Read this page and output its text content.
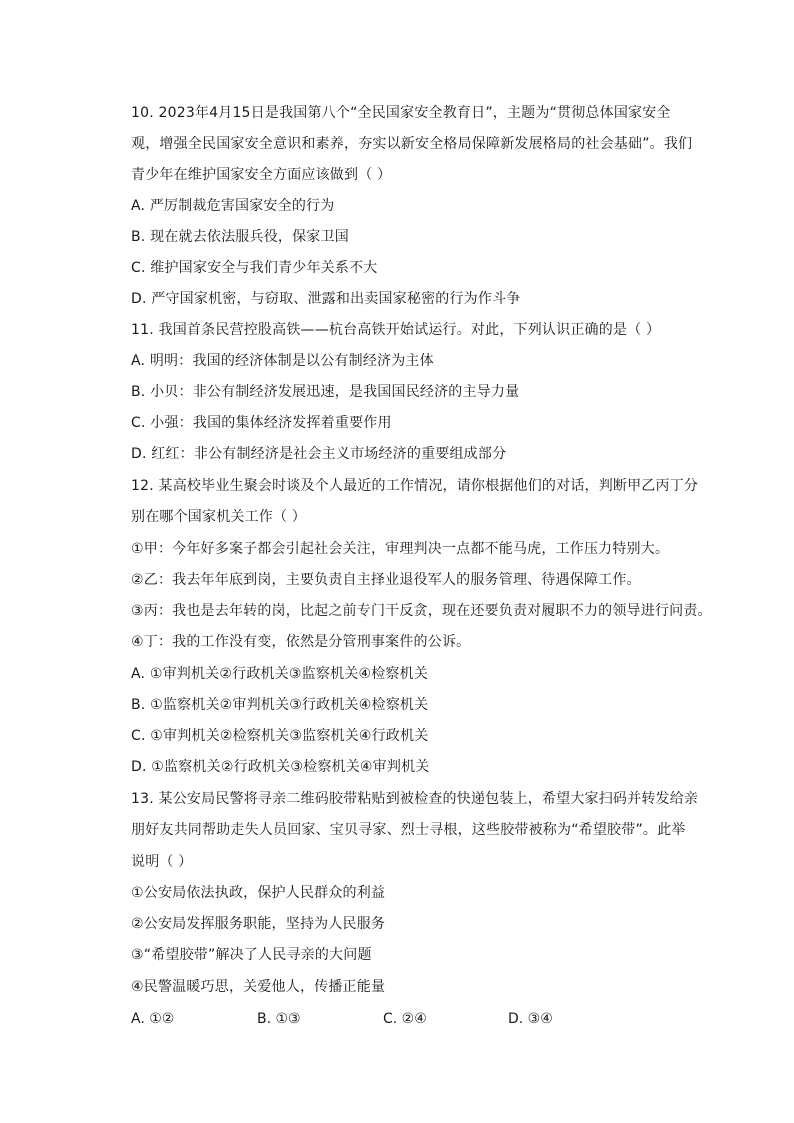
10. 2023年4月15日是我国第八个“全民国家安全教育日”，主题为“贯彻总体国家安全
观，增强全民国家安全意识和素养，夯实以新安全格局保障新发展格局的社会基础”。我们
青少年在维护国家安全方面应该做到（ ）
A. 严厉制裁危害国家安全的行为
B. 现在就去依法服兵役，保家卫国
C. 维护国家安全与我们青少年关系不大
D. 严守国家机密，与窃取、泄露和出卖国家秘密的行为作斗争
11. 我国首条民营控股高铁——杭台高铁开始试运行。对此，下列认识正确的是（ ）
A. 明明：我国的经济体制是以公有制经济为主体
B. 小贝：非公有制经济发展迅速，是我国国民经济的主导力量
C. 小强：我国的集体经济发挥着重要作用
D. 红红：非公有制经济是社会主义市场经济的重要组成部分
12. 某高校毕业生聚会时谈及个人最近的工作情况，请你根据他们的对话，判断甲乙丙丁分
别在哪个国家机关工作（ ）
①甲：今年好多案子都会引起社会关注，审理判决一点都不能马虎，工作压力特别大。
②乙：我去年年底到岗，主要负责自主择业退役军人的服务管理、待遇保障工作。
③丙：我也是去年转的岗，比起之前专门干反贪，现在还要负责对履职不力的领导进行问责。
④丁：我的工作没有变，依然是分管刑事案件的公诉。
A. ①审判机关②行政机关③监察机关④检察机关
B. ①监察机关②审判机关③行政机关④检察机关
C. ①审判机关②检察机关③监察机关④行政机关
D. ①监察机关②行政机关③检察机关④审判机关
13. 某公安局民警将寻亲二维码胶带粘贴到被检查的快递包装上，希望大家扫码并转发给亲
朋好友共同帮助走失人员回家、宝贝寻家、烈士寻根，这些胶带被称为“希望胶带”。此举
说明（ ）
①公安局依法执政，保护人民群众的利益
②公安局发挥服务职能，坚持为人民服务
③“希望胶带”解决了人民寻亲的大问题
④民警温暖巧思，关爱他人，传播正能量
A. ①②	B. ①③	C. ②④	D. ③④
